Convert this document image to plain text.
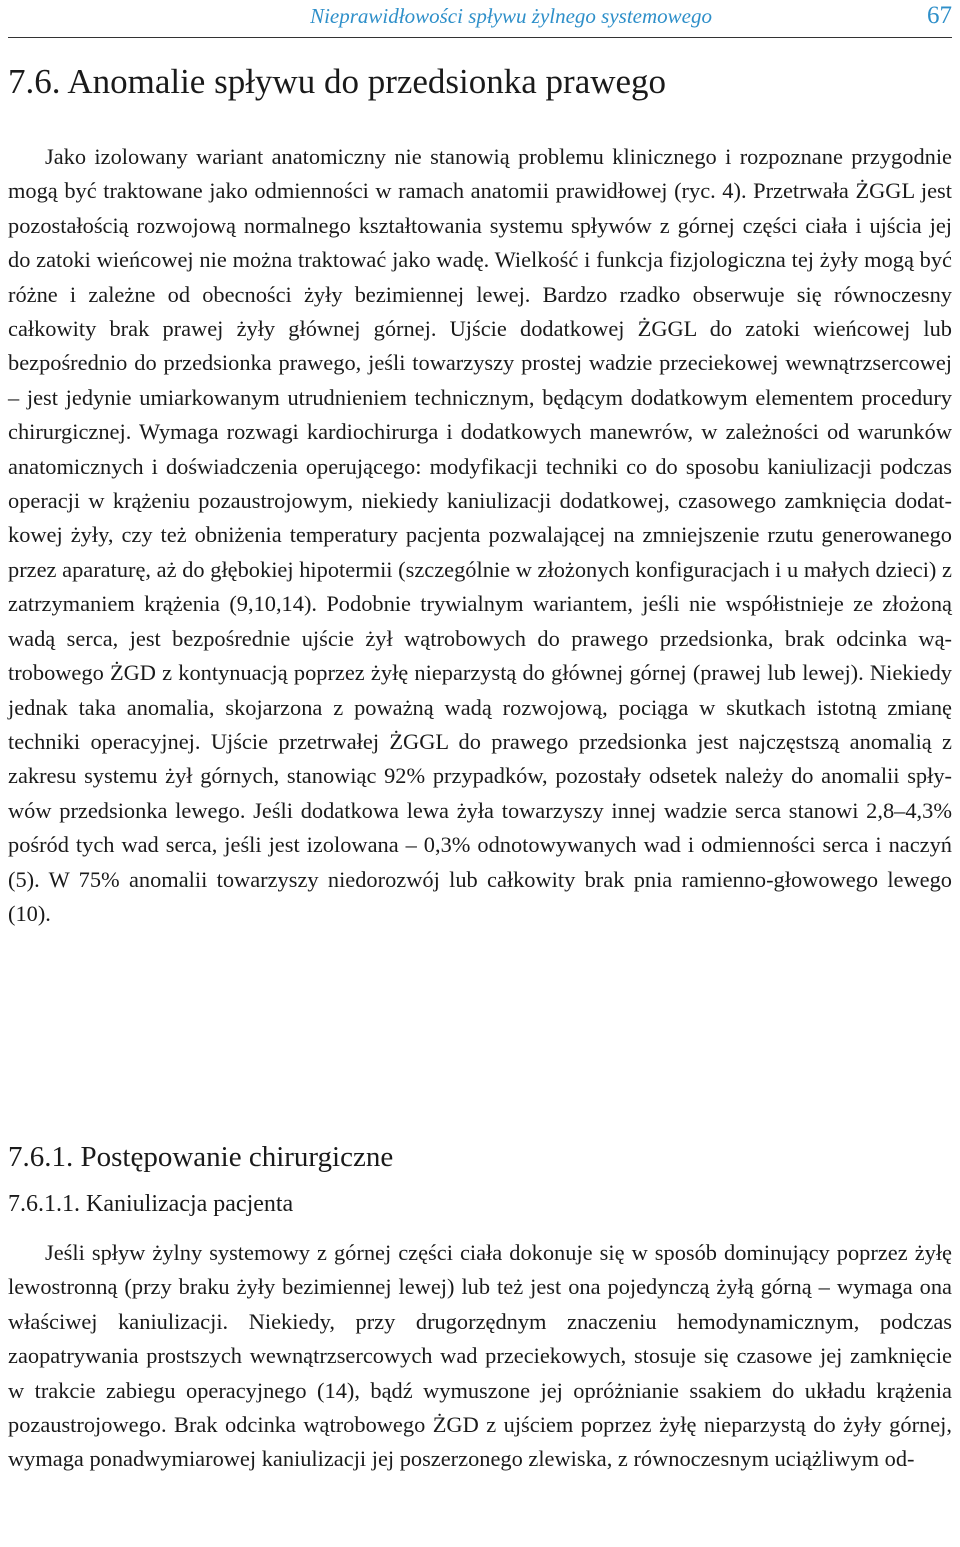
Nieprawidłowości spływu żylnego systemowego	67
7.6. Anomalie spływu do przedsionka prawego

Jako izolowany wariant anatomiczny nie stanowią problemu klinicznego i rozpoznane przygodnie mogą być traktowane jako odmienności w ramach anatomii prawidłowej (ryc. 4). Przetrwała ŻGGL jest pozostałością rozwojową normalnego kształtowania systemu spływów z górnej części ciała i ujścia jej do zatoki wieńcowej nie można traktować jako wadę. Wielkość i funkcja fizjologiczna tej żyły mogą być różne i zależne od obecności żyły bezimiennej lewej. Bardzo rzadko obserwuje się równoczesny całkowity brak prawej żyły głównej górnej. Ujście dodatkowej ŻGGL do zatoki wieńcowej lub bezpośrednio do przedsionka prawego, jeśli towarzyszy prostej wadzie przeciekowej wewnątrzsercowej – jest jedynie umiarkowanym utrudnieniem technicznym, będącym dodatkowym elementem procedury chirurgicznej. Wymaga rozwagi kardiochirurga i dodatkowych manewrów, w zależności od warunków anatomicznych i doświadczenia operującego: modyfikacji techniki co do sposobu kaniulizacji podczas operacji w krążeniu pozaustrojowym, niekiedy kaniulizacji dodatkowej, czasowego zamknięcia dodatkowej żyły, czy też obniżenia temperatury pacjenta pozwalającej na zmniejszenie rzutu generowanego przez aparaturę, aż do głębokiej hipotermii (szczególnie w złożonych konfiguracjach i u małych dzieci) z zatrzymaniem krążenia (9,10,14). Podobnie trywialnym wariantem, jeśli nie współistnieje ze złożoną wadą serca, jest bezpośrednie ujście żył wątrobowych do prawego przedsionka, brak odcinka wątrobowego ŻGD z kontynuacją poprzez żyłę nieparzystą do głównej górnej (prawej lub lewej). Niekiedy jednak taka anomalia, skojarzona z poważną wadą rozwojową, pociąga w skutkach istotną zmianę techniki operacyjnej. Ujście przetrwałej ŻGGL do prawego przedsionka jest najczęstszą anomalią z zakresu systemu żył górnych, stanowiąc 92% przypadków, pozostały odsetek należy do anomalii spływów przedsionka lewego. Jeśli dodatkowa lewa żyła towarzyszy innej wadzie serca stanowi 2,8–4,3% pośród tych wad serca, jeśli jest izolowana – 0,3% odnotowywanych wad i odmienności serca i naczyń (5). W 75% anomalii towarzyszy niedorozwój lub całkowity brak pnia ramienno-głowowego lewego (10).

7.6.1. Postępowanie chirurgiczne
7.6.1.1. Kaniulizacja pacjenta

Jeśli spływ żylny systemowy z górnej części ciała dokonuje się w sposób dominujący poprzez żyłę lewostronną (przy braku żyły bezimiennej lewej) lub też jest ona pojedynczą żyłą górną – wymaga ona właściwej kaniulizacji. Niekiedy, przy drugorzędnym znaczeniu hemodynamicznym, podczas zaopatrywania prostszych wewnątrzsercowych wad przeciekowych, stosuje się czasowe jej zamknięcie w trakcie zabiegu operacyjnego (14), bądź wymuszone jej opróżnianie ssakiem do układu krążenia pozaustrojowego. Brak odcinka wątrobowego ŻGD z ujściem poprzez żyłę nieparzystą do żyły górnej, wymaga ponadwymiarowej kaniulizacji jej poszerzonego zlewiska, z równoczesnym uciążliwym od-
